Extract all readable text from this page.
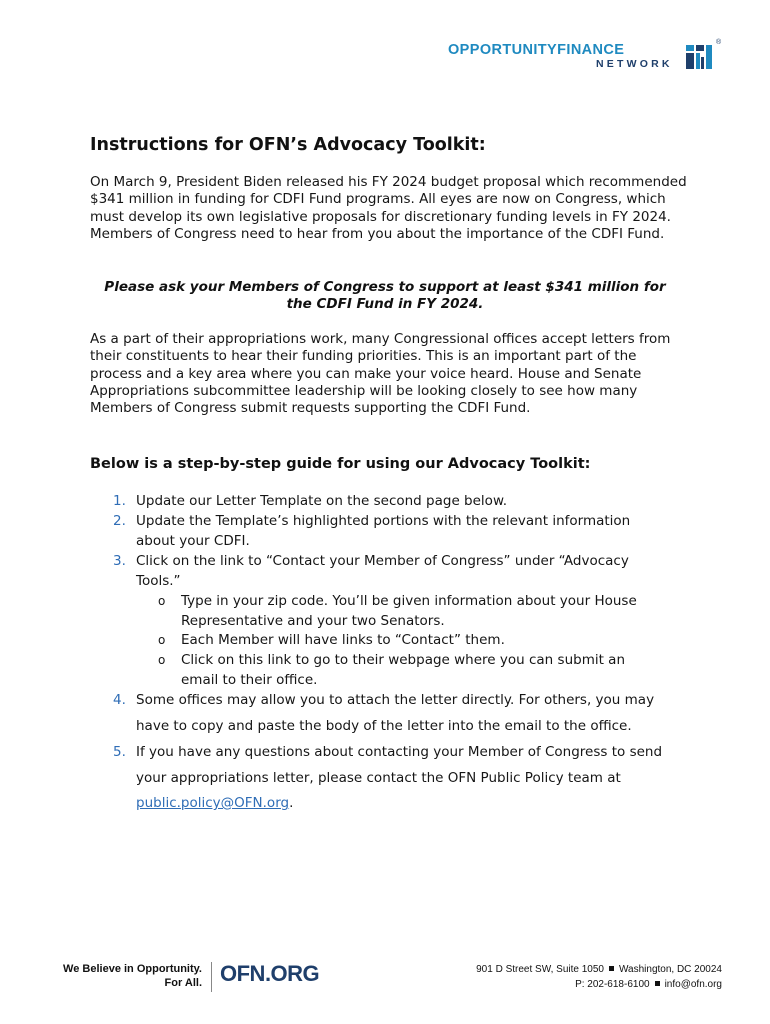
OPPORTUNITYFINANCE
NETWORK
®
Instructions for OFN’s Advocacy Toolkit:

On March 9, President Biden released his FY 2024 budget proposal which recommended $341 million in funding for CDFI Fund programs. All eyes are now on Congress, which must develop its own legislative proposals for discretionary funding levels in FY 2024. Members of Congress need to hear from you about the importance of the CDFI Fund.

Please ask your Members of Congress to support at least $341 million for the CDFI Fund in FY 2024.

As a part of their appropriations work, many Congressional offices accept letters from their constituents to hear their funding priorities. This is an important part of the process and a key area where you can make your voice heard. House and Senate Appropriations subcommittee leadership will be looking closely to see how many Members of Congress submit requests supporting the CDFI Fund.

Below is a step-by-step guide for using our Advocacy Toolkit:
1. Update our Letter Template on the second page below.
2. Update the Template’s highlighted portions with the relevant information about your CDFI.
3. Click on the link to “Contact your Member of Congress” under “Advocacy Tools.”
o Type in your zip code. You’ll be given information about your House Representative and your two Senators.
o Each Member will have links to “Contact” them.
o Click on this link to go to their webpage where you can submit an email to their office.
4. Some offices may allow you to attach the letter directly. For others, you may have to copy and paste the body of the letter into the email to the office.
5. If you have any questions about contacting your Member of Congress to send your appropriations letter, please contact the OFN Public Policy team at
public.policy@OFN.org.
We Believe in Opportunity.
For All. OFN.ORG	901 D Street SW, Suite 1050 Washington, DC 20024
P: 202-618-6100 info@ofn.org
